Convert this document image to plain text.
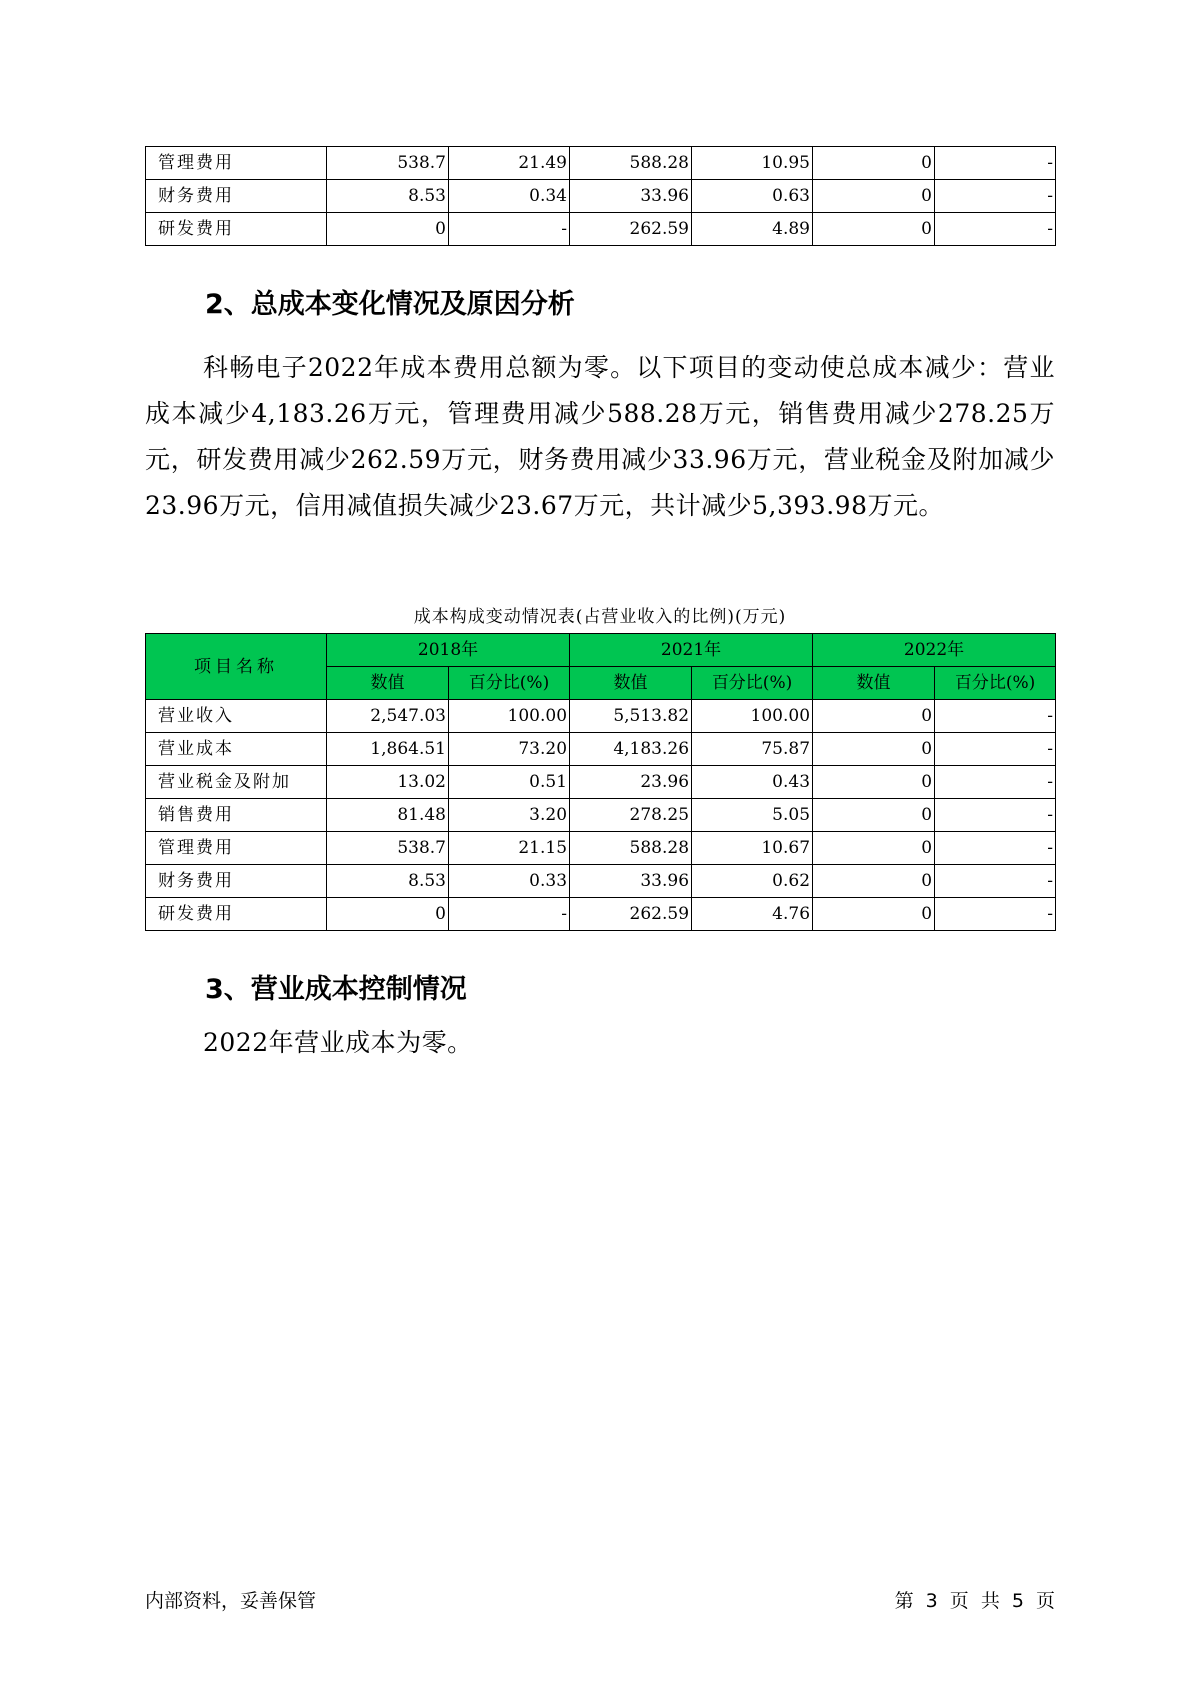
管理费用	538.7	21.49	588.28	10.95	0	-
财务费用	8.53	0.34	33.96	0.63	0	-
研发费用	0	-	262.59	4.89	0	-
2、总成本变化情况及原因分析

科畅电子2022年成本费用总额为零。以下项目的变动使总成本减少：营业成本减少4,183.26万元，管理费用减少588.28万元，销售费用减少278.25万元，研发费用减少262.59万元，财务费用减少33.96万元，营业税金及附加减少23.96万元，信用减值损失减少23.67万元，共计减少5,393.98万元。

成本构成变动情况表(占营业收入的比例)(万元)

项目名称	2018年		2021年		2022年	
	数值	百分比(%)	数值	百分比(%)	数值	百分比(%)
营业收入	2,547.03	100.00	5,513.82	100.00	0	-
营业成本	1,864.51	73.20	4,183.26	75.87	0	-
营业税金及附加	13.02	0.51	23.96	0.43	0	-
销售费用	81.48	3.20	278.25	5.05	0	-
管理费用	538.7	21.15	588.28	10.67	0	-
财务费用	8.53	0.33	33.96	0.62	0	-
研发费用	0	-	262.59	4.76	0	-
3、营业成本控制情况

2022年营业成本为零。

内部资料，妥善保管	第 3 页 共 5 页
